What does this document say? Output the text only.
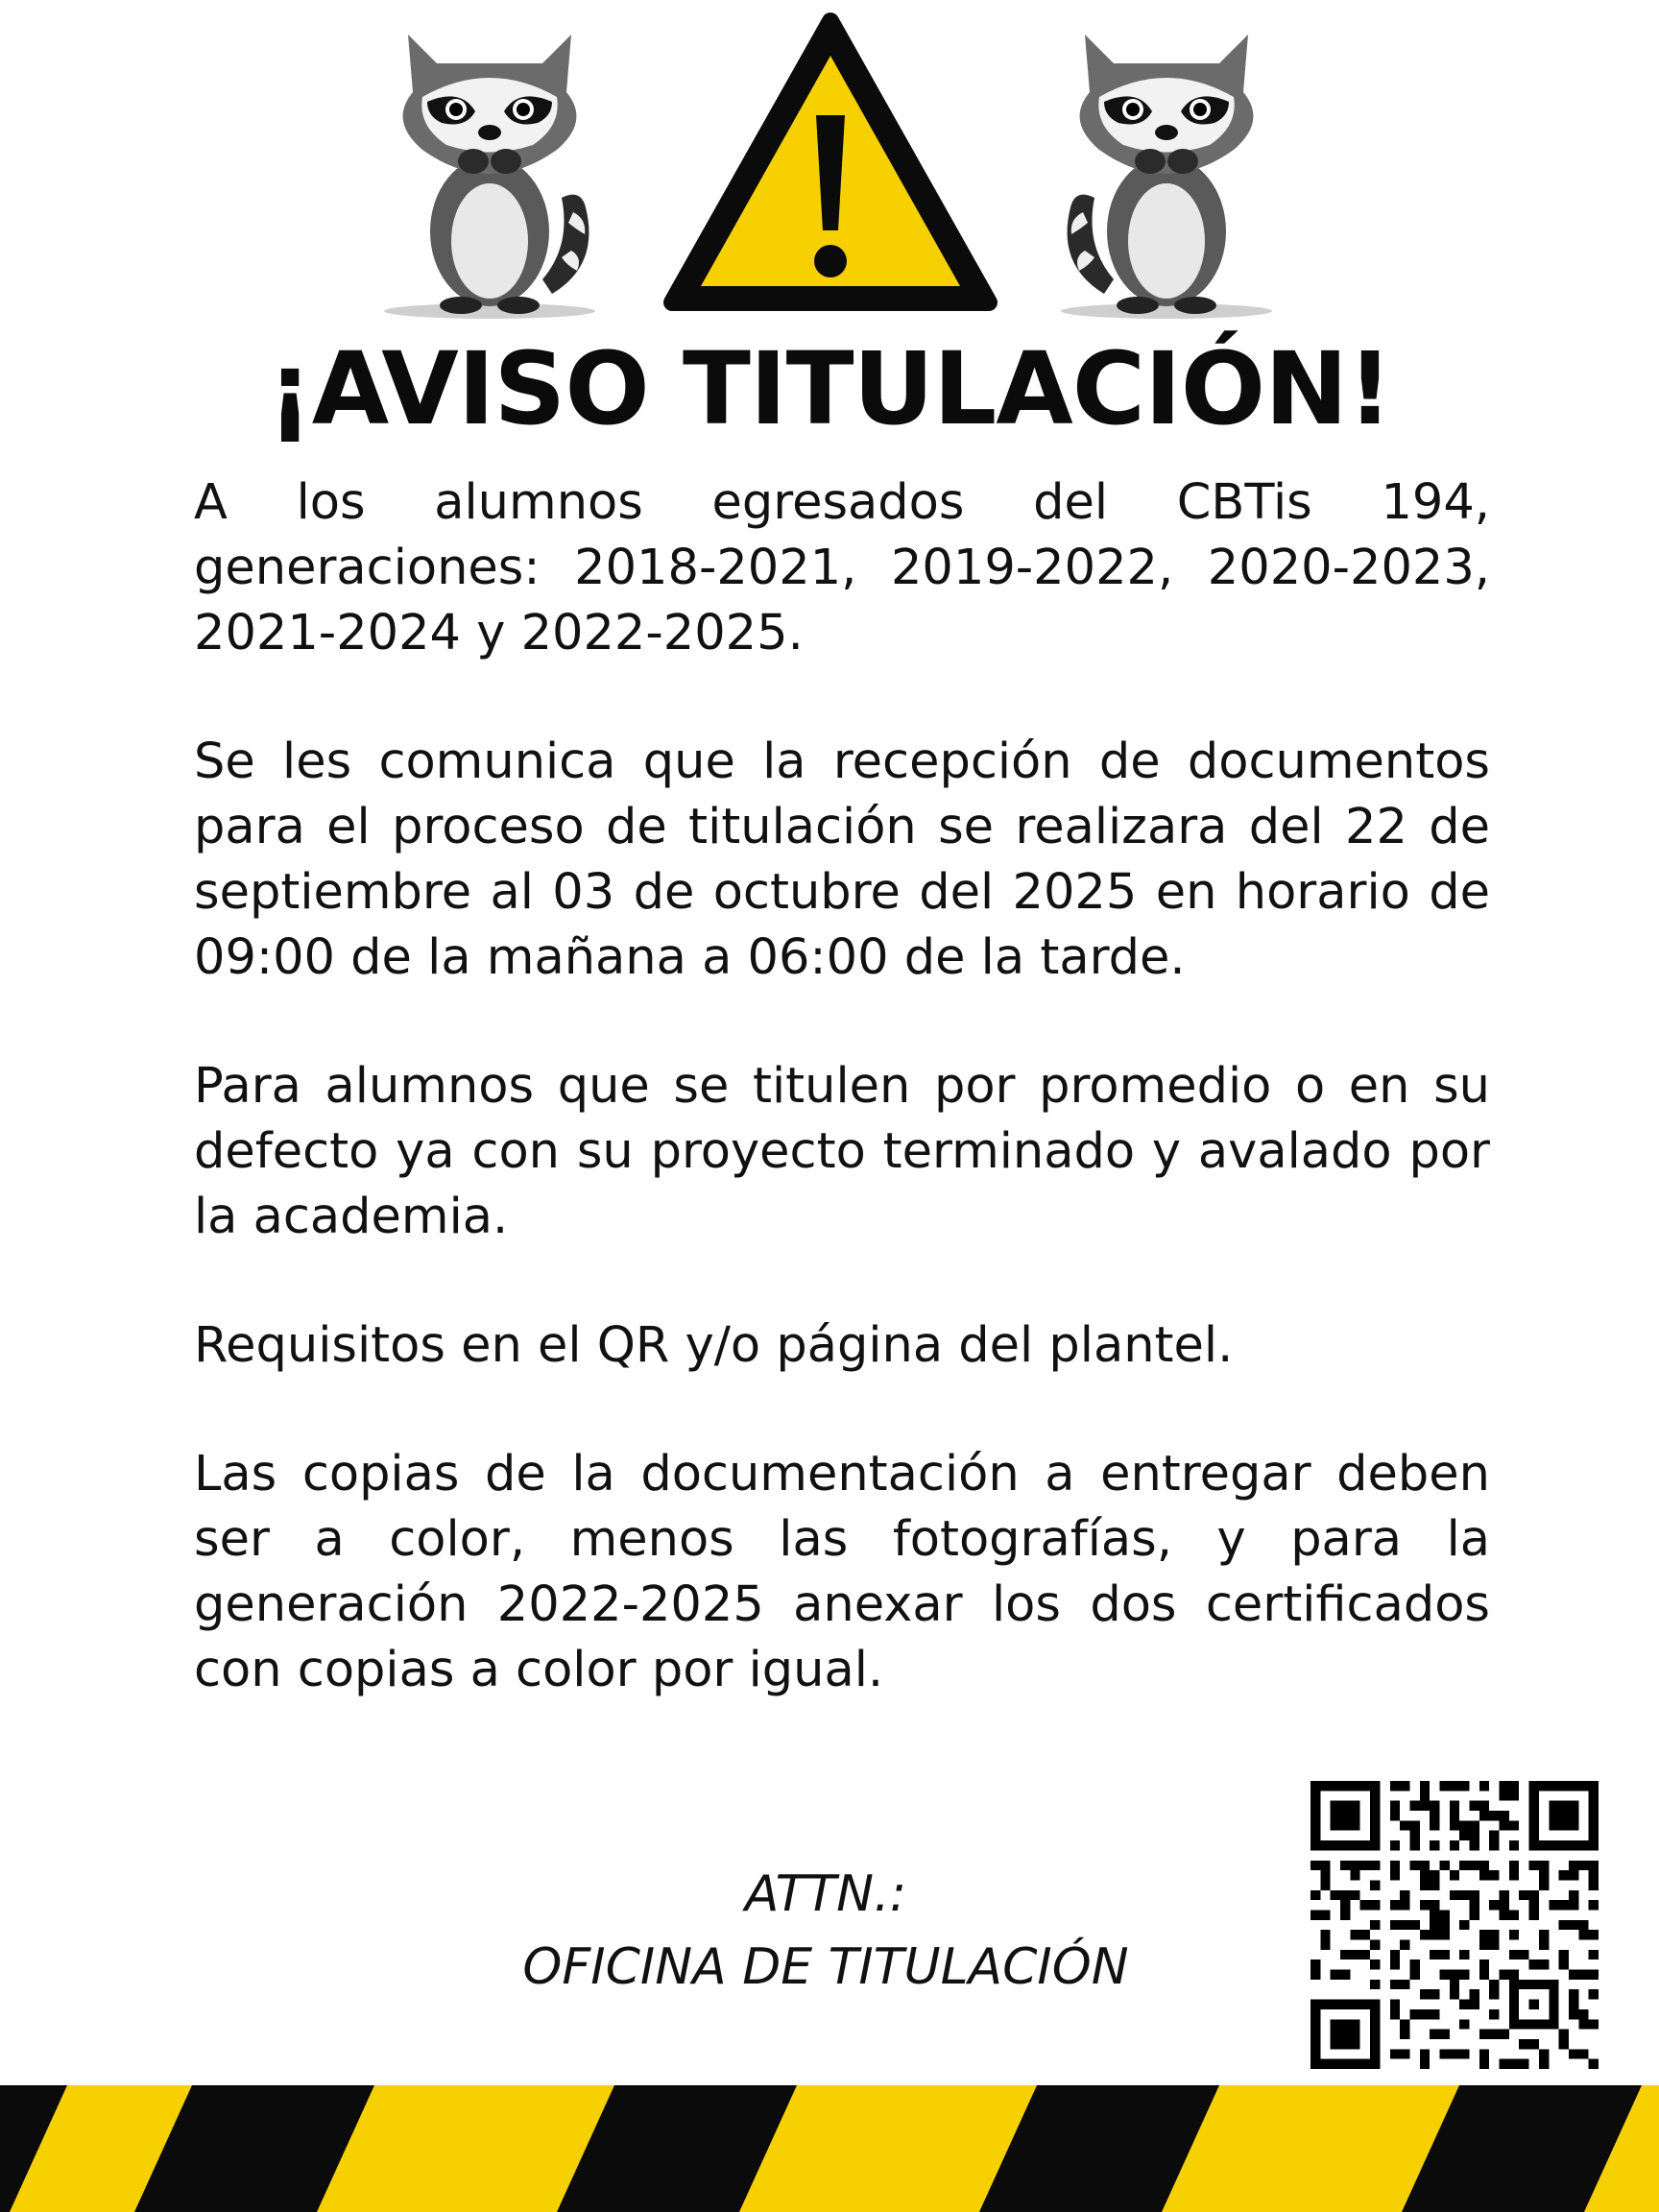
¡AVISO TITULACIÓN!

A los alumnos egresados del CBTis 194, generaciones: 2018-2021, 2019-2022, 2020-2023, 2021-2024 y 2022-2025.

Se les comunica que la recepción de documentos para el proceso de titulación se realizara del 22 de septiembre al 03 de octubre del 2025 en horario de 09:00 de la mañana a 06:00 de la tarde.

Para alumnos que se titulen por promedio o en su defecto ya con su proyecto terminado y avalado por la academia.

Requisitos en el QR y/o página del plantel.

Las copias de la documentación a entregar deben ser a color, menos las fotografías, y para la generación 2022-2025 anexar los dos certificados con copias a color por igual.

ATTN.:
OFICINA DE TITULACIÓN
